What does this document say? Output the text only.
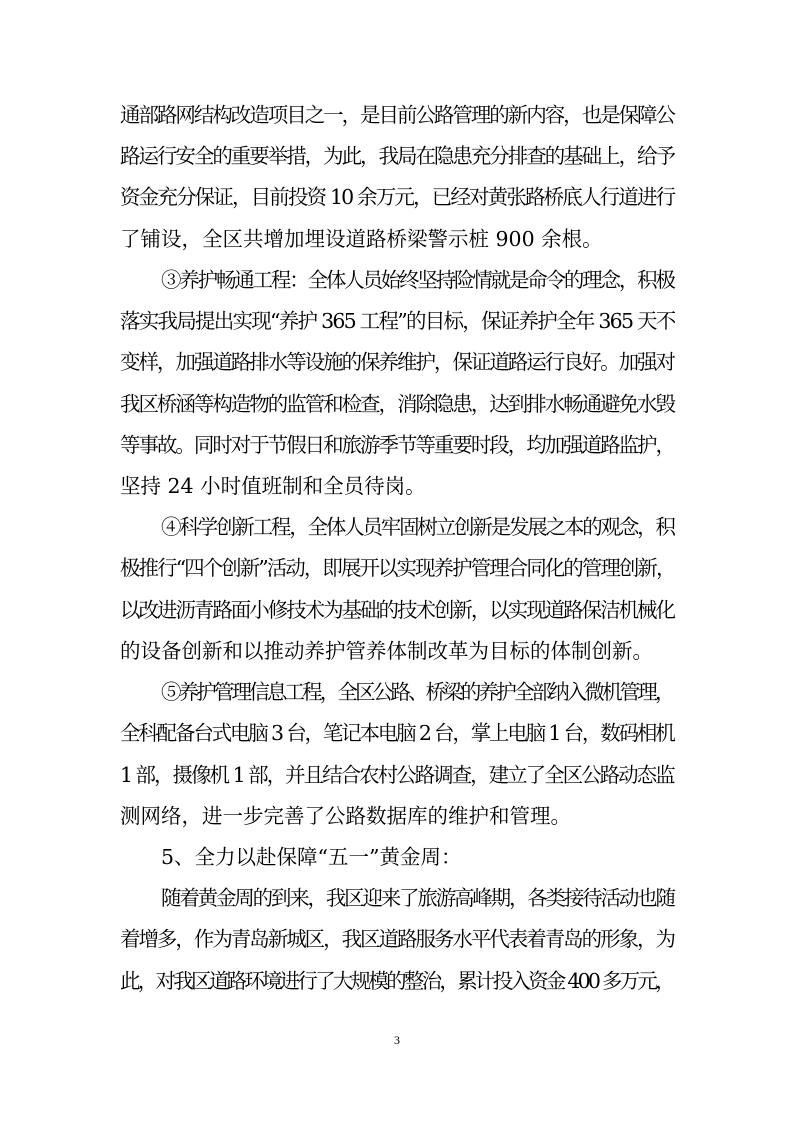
通部路网结构改造项目之一，是目前公路管理的新内容，也是保障公
路运行安全的重要举措，为此，我局在隐患充分排查的基础上，给予
资金充分保证，目前投资 10 余万元，已经对黄张路桥底人行道进行
了铺设，全区共增加埋设道路桥梁警示桩 900 余根。
③养护畅通工程：全体人员始终坚持险情就是命令的理念，积极
落实我局提出实现“养护 365 工程”的目标，保证养护全年 365 天不
变样，加强道路排水等设施的保养维护，保证道路运行良好。加强对
我区桥涵等构造物的监管和检查，消除隐患，达到排水畅通避免水毁
等事故。同时对于节假日和旅游季节等重要时段，均加强道路监护，
坚持 24 小时值班制和全员待岗。
④科学创新工程，全体人员牢固树立创新是发展之本的观念，积
极推行“四个创新”活动，即展开以实现养护管理合同化的管理创新，
以改进沥青路面小修技术为基础的技术创新，以实现道路保洁机械化
的设备创新和以推动养护管养体制改革为目标的体制创新。
⑤养护管理信息工程，全区公路、桥梁的养护全部纳入微机管理，
全科配备台式电脑 3 台，笔记本电脑 2 台，掌上电脑 1 台，数码相机
1 部，摄像机 1 部，并且结合农村公路调查，建立了全区公路动态监
测网络，进一步完善了公路数据库的维护和管理。
5、全力以赴保障“五一”黄金周：
随着黄金周的到来，我区迎来了旅游高峰期，各类接待活动也随
着增多，作为青岛新城区，我区道路服务水平代表着青岛的形象，为
此，对我区道路环境进行了大规模的整治，累计投入资金 400 多万元，
3
